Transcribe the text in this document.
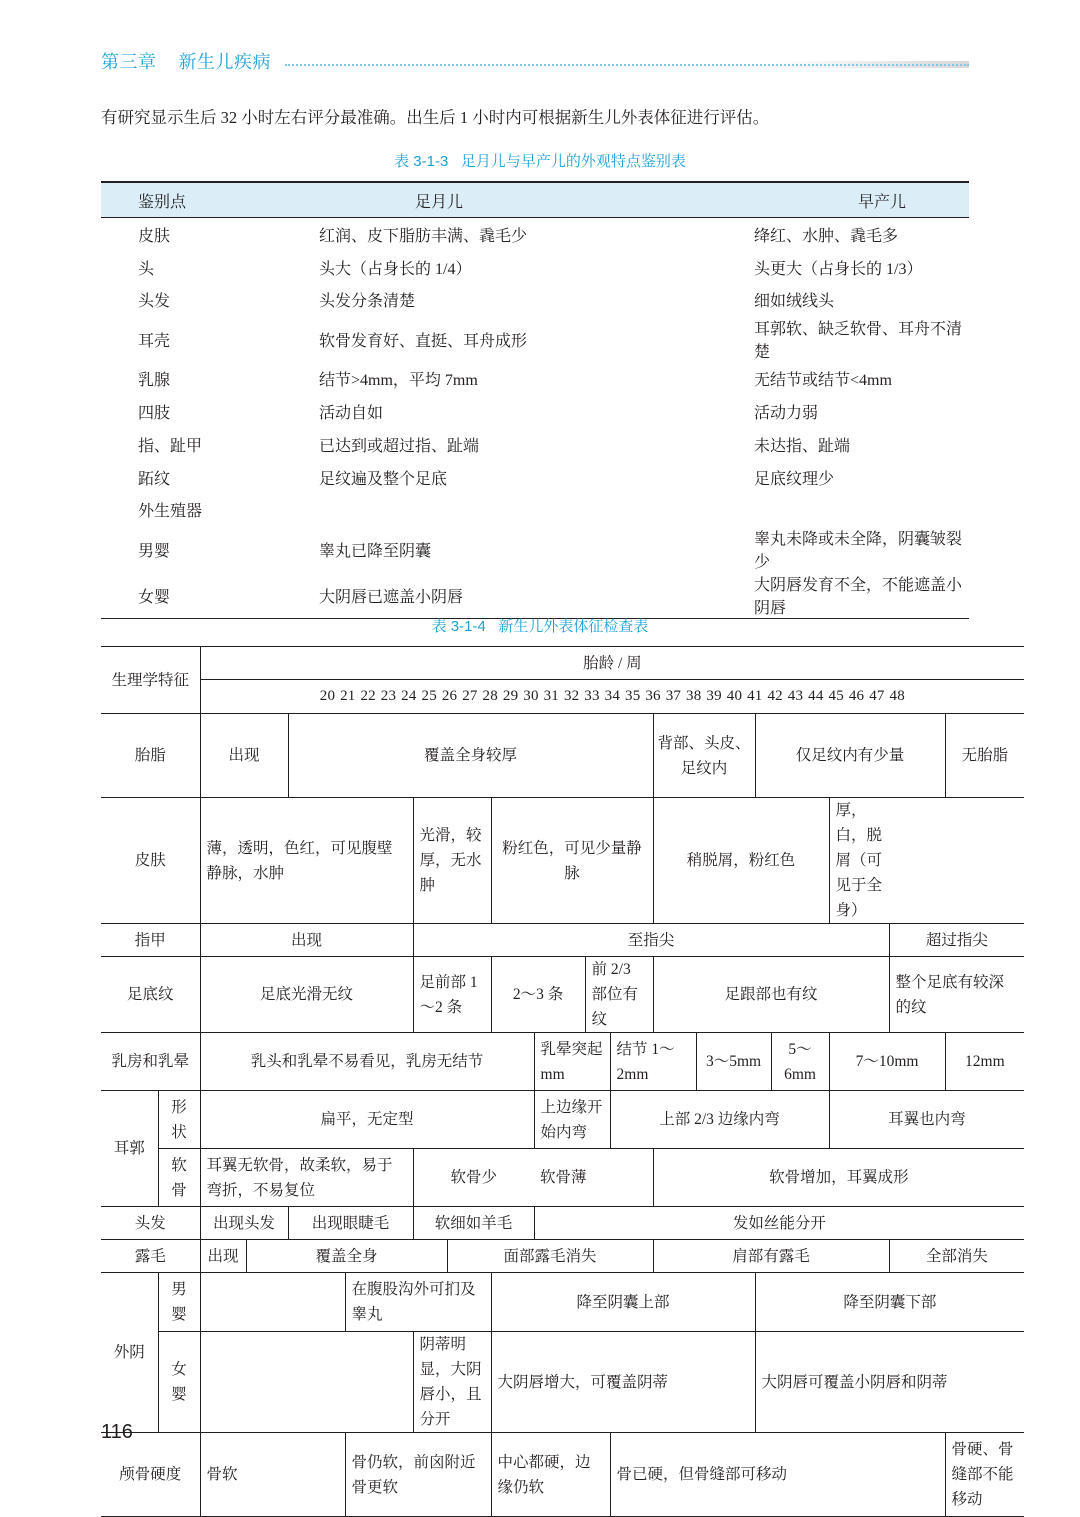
第三章 新生儿疾病
有研究显示生后 32 小时左右评分最准确。出生后 1 小时内可根据新生儿外表体征进行评估。
表 3-1-3 足月儿与早产儿的外观特点鉴别表
鉴别点	足月儿	早产儿
皮肤	红润、皮下脂肪丰满、毳毛少	绛红、水肿、毳毛多
头	头大（占身长的 1/4）	头更大（占身长的 1/3）
头发	头发分条清楚	细如绒线头
耳壳	软骨发育好、直挺、耳舟成形	耳郭软、缺乏软骨、耳舟不清楚
乳腺	结节>4mm，平均 7mm	无结节或结节<4mm
四肢	活动自如	活动力弱
指、趾甲	已达到或超过指、趾端	未达指、趾端
跖纹	足纹遍及整个足底	足底纹理少
外生殖器		
男婴	睾丸已降至阴囊	睾丸未降或未全降，阴囊皱裂少
女婴	大阴唇已遮盖小阴唇	大阴唇发育不全，不能遮盖小阴唇
表 3-1-4 新生儿外表体征检查表
生理学特征		胎龄 / 周																
		20 21 22 23 24 25 26 27 28 29 30 31 32 33 34 35 36 37 38 39 40 41 42 43 44 45 46 47 48																
胎脂		出现		覆盖全身较厚								背部、头皮、足纹内		仅足纹内有少量				无胎脂
皮肤		薄，透明，色红，可见腹壁静脉，水肿				光滑，较厚，无水肿		粉红色，可见少量静脉				稍脱屑，粉红色				厚，白，脱屑（可见于全身）		
指甲		出现				至指尖											超过指尖	
足底纹		足底光滑无纹				足前部 1～2 条		2～3 条		前 2/3 部位有纹		足跟部也有纹					整个足底有较深的纹	
乳房和乳晕		乳头和乳晕不易看见，乳房无结节							乳晕突起 mm		结节 1～2mm		3～5mm		5～6mm	7～10mm		12mm
耳郭	形状	扁平，无定型							上边缘开始内弯		上部 2/3 边缘内弯					耳翼也内弯		
	软骨	耳翼无软骨，故柔软，易于弯折，不易复位				软骨少			软骨薄			软骨增加，耳翼成形						
头发		出现头发		出现眼睫毛		软细如羊毛			发如丝能分开									
露毛		出现	覆盖全身				面部露毛消失					肩部有露毛					全部消失	
外阴	男婴				在腹股沟外可扪及睾丸			降至阴囊上部						降至阴囊下部				
	女婴					阴蒂明显，大阴唇小，且分开		大阴唇增大，可覆盖阴蒂						大阴唇可覆盖小阴唇和阴蒂				
颅骨硬度		骨软			骨仍软，前囟附近骨更软			中心都硬，边缘仍软			骨已硬，但骨缝部可移动							骨硬、骨缝部不能移动
116
